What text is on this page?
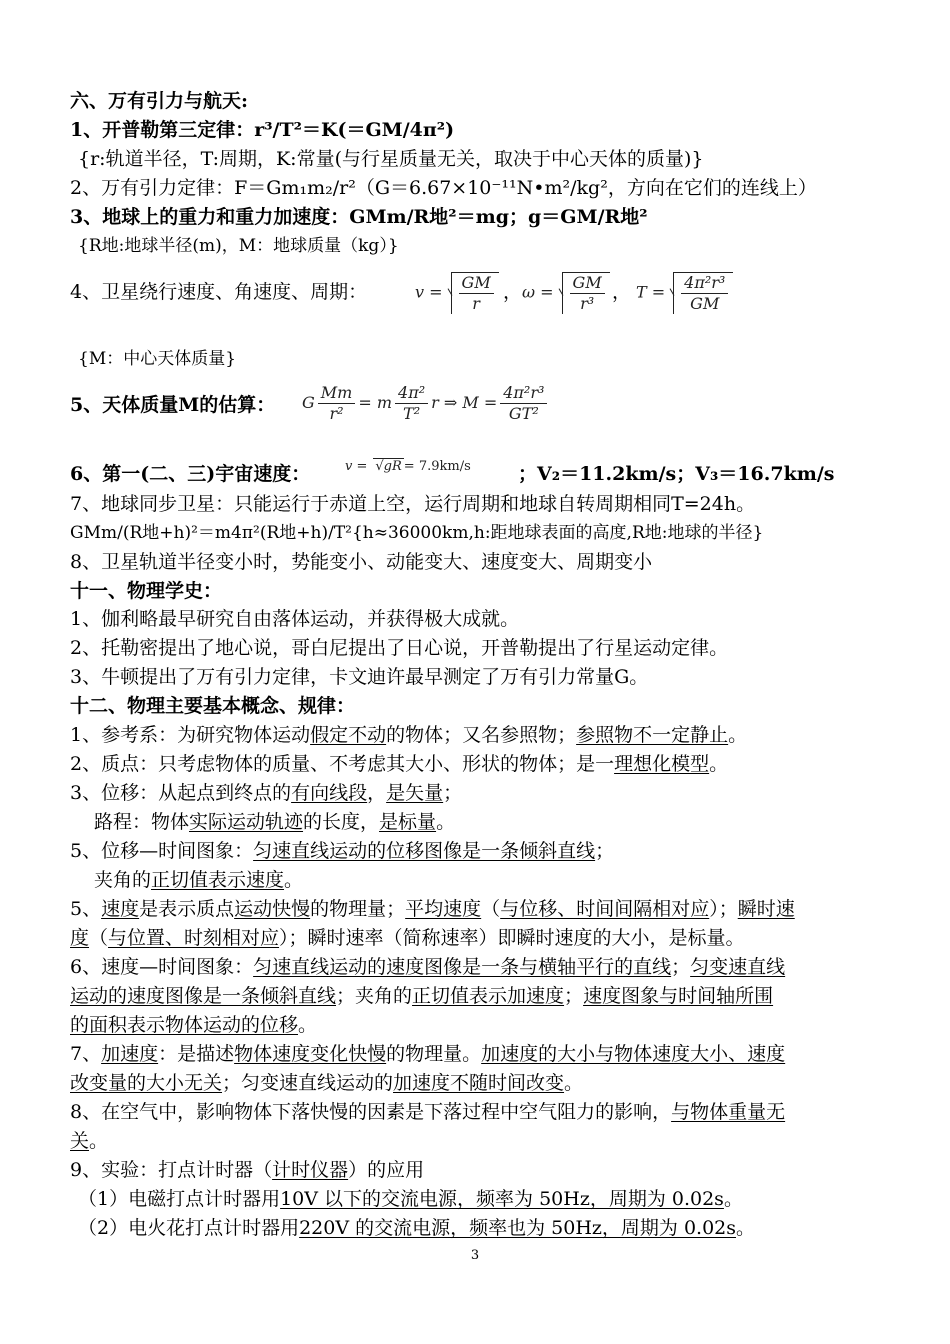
六、万有引力与航天:
1、开普勒第三定律：r³/T²＝K(＝GM/4π²)
{r:轨道半径，T:周期，K:常量(与行星质量无关，取决于中心天体的质量)}
2、万有引力定律：F＝Gm₁m₂/r²（G＝6.67×10⁻¹¹N•m²/kg²，方向在它们的连线上）
3、地球上的重力和重力加速度：GMm/R地²＝mg；g＝GM/R地²
{R地:地球半径(m)，M：地球质量（kg）}
4、卫星绕行速度、角速度、周期：	$v = \frac{GM}{r}$ ， $\omega = \frac{GM}{\text{r³}}$ ， $T = \frac{\text{4π²r³}}{GM}$
{M：中心天体质量}
5、天体质量M的估算： G $\frac{Mm}{\text{r²}} = m \frac{\text{4π²}}{\text{T²}}$ r ⇒ $M = \frac{\text{4π²r³}}{\text{GT²}}$
6、第一(二、三)宇宙速度：	v = √gR = 7.9km/s ；V₂＝11.2km/s；V₃＝16.7km/s
7、地球同步卫星：只能运行于赤道上空，运行周期和地球自转周期相同T=24h。
GMm/(R地+h)²＝m4π²(R地+h)/T²{h≈36000km,h:距地球表面的高度,R地:地球的半径}
8、卫星轨道半径变小时，势能变小、动能变大、速度变大、周期变小
十一、物理学史：
1、伽利略最早研究自由落体运动，并获得极大成就。
2、托勒密提出了地心说，哥白尼提出了日心说，开普勒提出了行星运动定律。
3、牛顿提出了万有引力定律，卡文迪许最早测定了万有引力常量G。
十二、物理主要基本概念、规律：
1、参考系：为研究物体运动假定不动的物体；又名参照物；参照物不一定静止。
2、质点：只考虑物体的质量、不考虑其大小、形状的物体；是一理想化模型。
3、位移：从起点到终点的有向线段，是矢量；
路程：物体实际运动轨迹的长度，是标量。
5、位移—时间图象：匀速直线运动的位移图像是一条倾斜直线；
夹角的正切值表示速度。
5、速度是表示质点运动快慢的物理量；平均速度（与位移、时间间隔相对应）；瞬时速
度（与位置、时刻相对应）；瞬时速率（简称速率）即瞬时速度的大小，是标量。
6、速度—时间图象：匀速直线运动的速度图像是一条与横轴平行的直线；匀变速直线
运动的速度图像是一条倾斜直线；夹角的正切值表示加速度；速度图象与时间轴所围
的面积表示物体运动的位移。
7、加速度：是描述物体速度变化快慢的物理量。加速度的大小与物体速度大小、速度
改变量的大小无关；匀变速直线运动的加速度不随时间改变。
8、在空气中，影响物体下落快慢的因素是下落过程中空气阻力的影响，与物体重量无
关。
9、实验：打点计时器（计时仪器）的应用
（1）电磁打点计时器用10V 以下的交流电源，频率为 50Hz，周期为 0.02s。
（2）电火花打点计时器用220V 的交流电源，频率也为 50Hz，周期为 0.02s。
3
